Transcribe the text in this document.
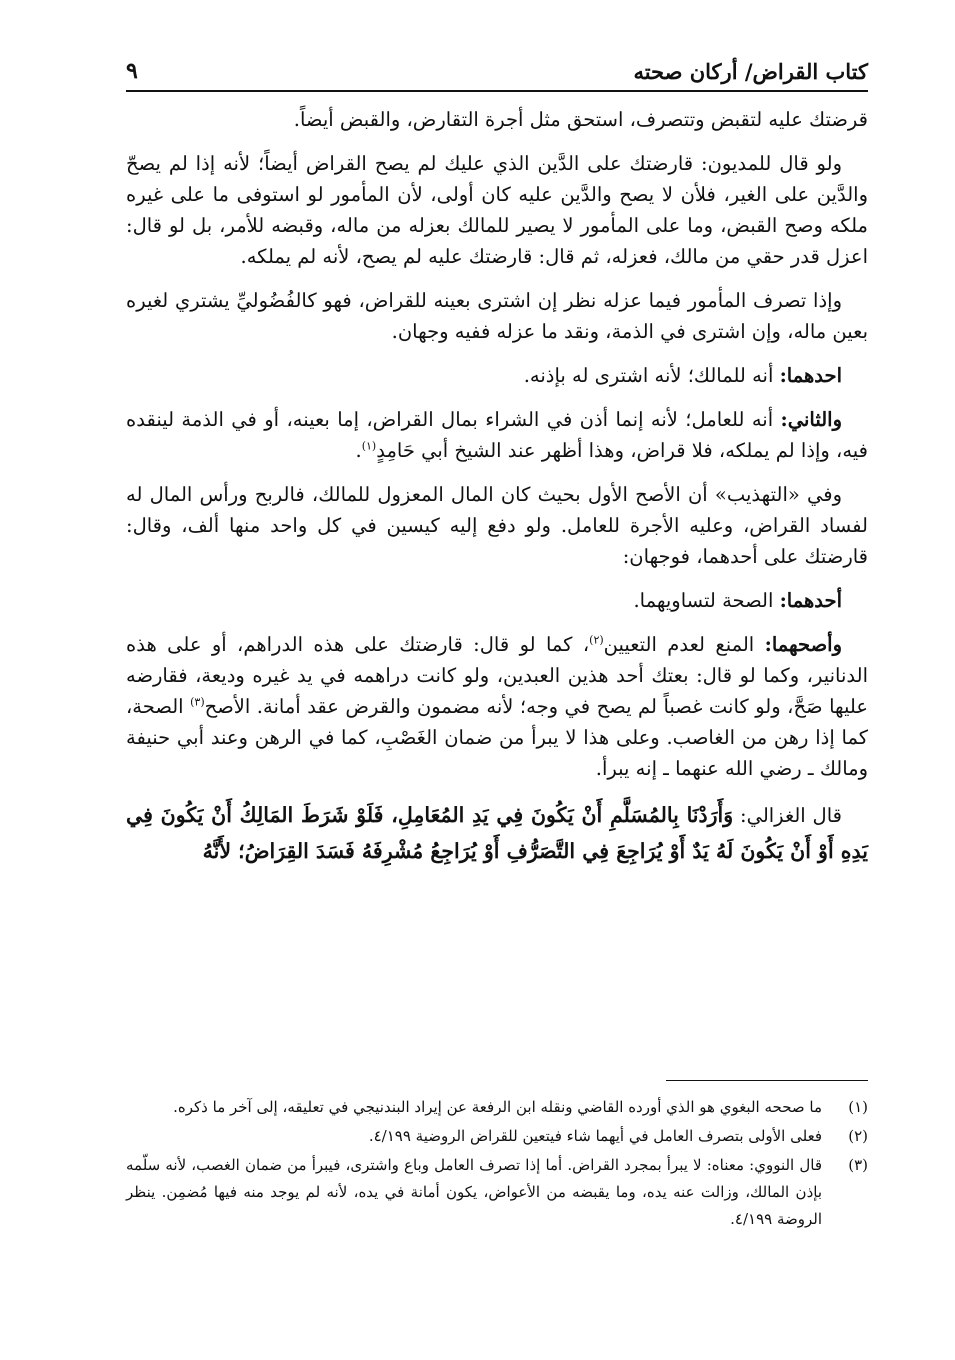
كتاب القراض/ أركان صحته
٩

قرضتك عليه لتقبض وتتصرف، استحق مثل أجرة التقارض، والقبض أيضاً.

ولو قال للمديون: قارضتك على الدَّين الذي عليك لم يصح القراض أيضاً؛ لأنه إذا لم يصحّ والدَّين على الغير، فلأن لا يصح والدَّين عليه كان أولى، لأن المأمور لو استوفى ما على غيره ملكه وصح القبض، وما على المأمور لا يصير للمالك بعزله من ماله، وقبضه للأمر، بل لو قال: اعزل قدر حقي من مالك، فعزله، ثم قال: قارضتك عليه لم يصح، لأنه لم يملكه.

وإذا تصرف المأمور فيما عزله نظر إن اشترى بعينه للقراض، فهو كالفُضُوليِّ يشتري لغيره بعين ماله، وإن اشترى في الذمة، ونقد ما عزله ففيه وجهان.

احدهما: أنه للمالك؛ لأنه اشترى له بإذنه.

والثاني: أنه للعامل؛ لأنه إنما أذن في الشراء بمال القراض، إما بعينه، أو في الذمة لينقده فيه، وإذا لم يملكه، فلا قراض، وهذا أظهر عند الشيخ أبي حَامِدٍ$^{(١)}$.

وفي «التهذيب» أن الأصح الأول بحيث كان المال المعزول للمالك، فالربح ورأس المال له لفساد القراض، وعليه الأجرة للعامل. ولو دفع إليه كيسين في كل واحد منها ألف، وقال: قارضتك على أحدهما، فوجهان:

أحدهما: الصحة لتساويهما.

وأصحهما: المنع لعدم التعيين$^{(٢)}$، كما لو قال: قارضتك على هذه الدراهم، أو على هذه الدنانير، وكما لو قال: بعتك أحد هذين العبدين، ولو كانت دراهمه في يد غيره وديعة، فقارضه عليها صَحَّ، ولو كانت غصباً لم يصح في وجه؛ لأنه مضمون والقرض عقد أمانة. الأصح$^{(٣)}$ الصحة، كما إذا رهن من الغاصب. وعلى هذا لا يبرأ من ضمان الغَصْبِ، كما في الرهن وعند أبي حنيفة ومالك ـ رضي الله عنهما ـ إنه يبرأ.

قال الغزالي: وَأَرَدْنَا بِالمُسَلَّمِ أَنْ يَكُونَ فِي يَدِ المُعَامِلِ، فَلَوْ شَرَطَ المَالِكُ أَنْ يَكُونَ فِي يَدِهِ أَوْ أَنْ يَكُونَ لَهُ يَدٌ أَوْ يُرَاجِعَ فِي التَّصَرُّفِ أَوْ يُرَاجِعُ مُشْرِفَهُ فَسَدَ القِرَاضُ؛ لأَنَّهُ

(١)
ما صححه البغوي هو الذي أورده القاضي ونقله ابن الرفعة عن إيراد البندنيجي في تعليقه، إلى آخر ما ذكره.
(٢)
فعلى الأولى بتصرف العامل في أيهما شاء فيتعين للقراض الروضية ٤/١٩٩.
(٣)
قال النووي: معناه: لا يبرأ بمجرد القراض. أما إذا تصرف العامل وباع واشترى، فيبرأ من ضمان الغصب، لأنه سلّمه بإذن المالك، وزالت عنه يده، وما يقبضه من الأعواض، يكون أمانة في يده، لأنه لم يوجد منه فيها مُضمِن. ينظر الروضة ٤/١٩٩.
